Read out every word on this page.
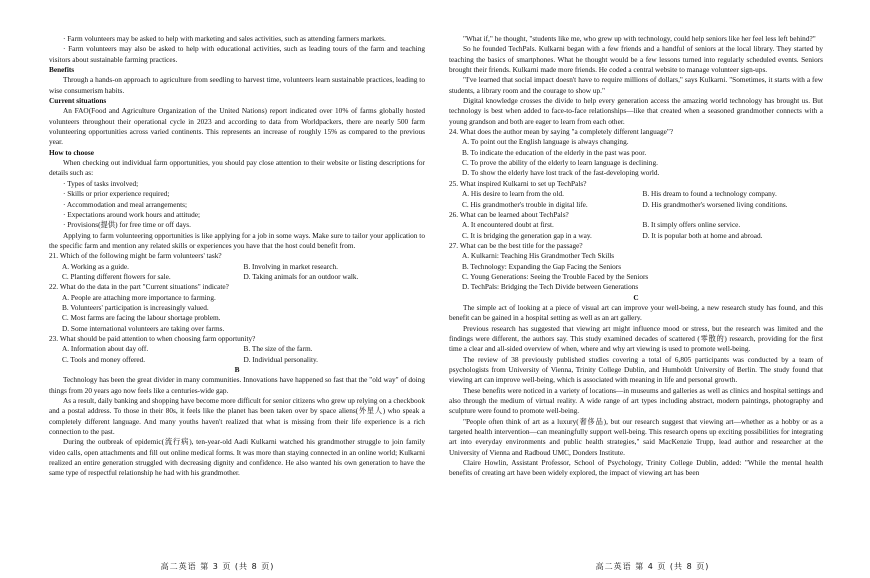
· Farm volunteers may be asked to help with marketing and sales activities, such as attending farmers markets.
· Farm volunteers may also be asked to help with educational activities, such as leading tours of the farm and teaching visitors about sustainable farming practices.
Benefits
Through a hands-on approach to agriculture from seedling to harvest time, volunteers learn sustainable practices, leading to wise consumerism habits.
Current situations
An FAO(Food and Agriculture Organization of the United Nations) report indicated over 10% of farms globally hosted volunteers throughout their operational cycle in 2023 and according to data from Worldpackers, there are nearly 500 farm volunteering opportunities across varied continents. This represents an increase of roughly 15% as compared to the previous year.
How to choose
When checking out individual farm opportunities, you should pay close attention to their website or listing descriptions for details such as:
· Types of tasks involved;
· Skills or prior experience required;
· Accommodation and meal arrangements;
· Expectations around work hours and attitude;
· Provisions(提供) for free time or off days.
Applying to farm volunteering opportunities is like applying for a job in some ways. Make sure to tailor your application to the specific farm and mention any related skills or experiences you have that the host could benefit from.
21. Which of the following might be farm volunteers' task?
A. Working as a guide.	B. Involving in market research.
C. Planting different flowers for sale.	D. Taking animals for an outdoor walk.
22. What do the data in the part "Current situations" indicate?
A. People are attaching more importance to farming.
B. Volunteers' participation is increasingly valued.
C. Most farms are facing the labour shortage problem.
D. Some international volunteers are taking over farms.
23. What should be paid attention to when choosing farm opportunity?
A. Information about day off.	B. The size of the farm.
C. Tools and money offered.	D. Individual personality.
B
Technology has been the great divider in many communities. Innovations have happened so fast that the "old way" of doing things from 20 years ago now feels like a centuries-wide gap.
As a result, daily banking and shopping have become more difficult for senior citizens who grew up relying on a checkbook and a postal address. To those in their 80s, it feels like the planet has been taken over by space aliens(外星人) who speak a completely different language. And many youths haven't realized that what is missing from their life experience is a rich connection to the past.
During the outbreak of epidemic(流行病), ten-year-old Aadi Kulkarni watched his grandmother struggle to join family video calls, open attachments and fill out online medical forms. It was more than staying connected in an online world; Kulkarni realized an entire generation struggled with decreasing dignity and confidence. He also wanted his own generation to have the same type of respectful relationship he had with his grandmother.
高二英语 第 3 页 (共 8 页)
"What if," he thought, "students like me, who grew up with technology, could help seniors like her feel less left behind?"
So he founded TechPals. Kulkarni began with a few friends and a handful of seniors at the local library. They started by teaching the basics of smartphones. What he thought would be a few lessons turned into regularly scheduled events. Seniors brought their friends. Kulkarni made more friends. He coded a central website to manage volunteer sign-ups.
"I've learned that social impact doesn't have to require millions of dollars," says Kulkarni. "Sometimes, it starts with a few students, a library room and the courage to show up."
Digital knowledge crosses the divide to help every generation access the amazing world technology has brought us. But technology is best when added to face-to-face relationships—like that created when a seasoned grandmother connects with a young grandson and both are eager to learn from each other.
24. What does the author mean by saying "a completely different language"?
A. To point out the English language is always changing.
B. To indicate the education of the elderly in the past was poor.
C. To prove the ability of the elderly to learn language is declining.
D. To show the elderly have lost track of the fast-developing world.
25. What inspired Kulkarni to set up TechPals?
A. His desire to learn from the old.	B. His dream to found a technology company.
C. His grandmother's trouble in digital life.	D. His grandmother's worsened living conditions.
26. What can be learned about TechPals?
A. It encountered doubt at first.	B. It simply offers online service.
C. It is bridging the generation gap in a way.	D. It is popular both at home and abroad.
27. What can be the best title for the passage?
A. Kulkarni: Teaching His Grandmother Tech Skills
B. Technology: Expanding the Gap Facing the Seniors
C. Young Generations: Seeing the Trouble Faced by the Seniors
D. TechPals: Bridging the Tech Divide between Generations
C
The simple act of looking at a piece of visual art can improve your well-being, a new research study has found, and this benefit can be gained in a hospital setting as well as an art gallery.
Previous research has suggested that viewing art might influence mood or stress, but the research was limited and the findings were different, the authors say. This study examined decades of scattered (零散的) research, providing for the first time a clear and all-sided overview of when, where and why art viewing is used to promote well-being.
The review of 38 previously published studies covering a total of 6,805 participants was conducted by a team of psychologists from University of Vienna, Trinity College Dublin, and Humboldt University of Berlin. The study found that viewing art can improve well-being, which is associated with meaning in life and personal growth.
These benefits were noticed in a variety of locations—in museums and galleries as well as clinics and hospital settings and also through the medium of virtual reality. A wide range of art types including abstract, modern paintings, photography and sculpture were found to promote well-being.
"People often think of art as a luxury(奢侈品), but our research suggest that viewing art—whether as a hobby or as a targeted health intervention—can meaningfully support well-being. This research opens up exciting possibilities for integrating art into everyday environments and public health strategies," said MacKenzie Trupp, lead author and researcher at the University of Vienna and Radboud UMC, Donders Institute.
Claire Howlin, Assistant Professor, School of Psychology, Trinity College Dublin, added: "While the mental health benefits of creating art have been widely explored, the impact of viewing art has been
高二英语 第 4 页 (共 8 页)
